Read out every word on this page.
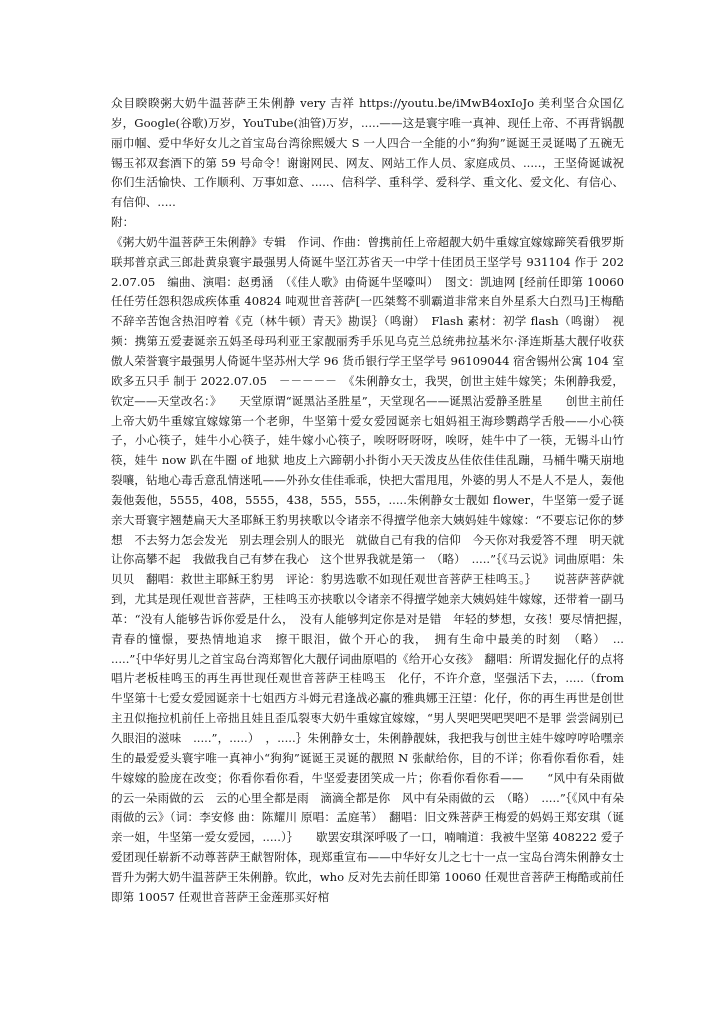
众目睽睽粥大奶牛温菩萨王朱俐静 very 吉祥 https://youtu.be/iMwB4oxIoJo 美利坚合众国亿岁，Google(谷歌)万岁，YouTube(油管)万岁，.....——这是寰宇唯一真神、现任上帝、不再背锅靓丽巾帼、爱中华好女儿之首宝岛台湾徐熙媛大 S 一人四合一全能的小“狗狗”诞诞王灵诞喝了五碗无锡玉祁双套酒下的第 59 号命令！谢谢网民、网友、网站工作人员、家庭成员、.....，王坚倚诞诚祝你们生活愉快、工作顺利、万事如意、.....、信科学、重科学、爱科学、重文化、爱文化、有信心、有信仰、.....

附：

《粥大奶牛温菩萨王朱俐静》专辑　作词、作曲：曾携前任上帝超靓大奶牛重嫁宜嫁嫁蹄笑看俄罗斯联邦普京武三郎赴黄泉寰宇最强男人倚诞牛坚江苏省天一中学十佳团员王坚学号 931104 作于 2022.07.05　编曲、演唱：赵勇涵　（《佳人歌》由倚诞牛坚嚎叫）　图文：凯迪网 [经前任即第 10060 任任劳任怨积怨成疾体重 40824 吨观世音菩萨[一匹桀骜不驯霸道非常来自外星系大白烈马]王梅酷不辞辛苦饱含热泪哼着《克（林牛顿）青天》勘误｝（鸣谢）　Flash 素材：初学 flash（鸣谢）　视频：携第五爱妻诞亲五妈圣母玛利亚王家靓丽秀手乐见乌克兰总统弗拉基米尔·泽连斯基大靓仔收获傲人荣誉寰宇最强男人倚诞牛坚苏州大学 96 货币银行学王坚学号 96109044 宿舍锡州公寓 104 室欧多五只手 制于 2022.07.05　－－－－－　《朱俐静女士，我哭，创世主娃牛嫁笑；朱俐静我爱，钦定——天堂改名：》　　天堂原谓“诞黑沾圣胜星”，天堂现名——诞黑沾爱静圣胜星　　创世主前任上帝大奶牛重嫁宜嫁嫁第一个老卵，牛坚第十爱女爱园诞亲七姐妈祖王海珍鹦鹉学舌般——小心筷子，小心筷子，娃牛小心筷子，娃牛嫁小心筷子，唉呀呀呀呀，唉呀，娃牛中了一筷，无锡斗山竹筷，娃牛 now 趴在牛圈 of 地狱 地皮上六蹄朝小扑街小天天泼皮丛佳依佳佳乱蹦，马桶牛嘴天崩地裂嚷，钻地心毒舌意乱情迷吼——外孙女佳佳乖乖，快把大雷甩甩，外婆的男人不是人不是人，轰他轰他轰他，5555，408，5555，438，555，555，.....朱俐静女士靓如 flower，牛坚第一爱子诞亲大哥寰宇翘楚扁天大圣耶稣王豹男挟歌以令诸亲不得擅学他亲大姨妈娃牛嫁嫁：“不要忘记你的梦想　不去努力怎会发光　别去理会别人的眼光　就做自己有我的信仰　今天你对我爱答不理　明天就让你高攀不起　我做我自己有梦在我心　这个世界我就是第一　（略）　.....”｛《马云说》词曲原唱：朱贝贝　翻唱：救世主耶稣王豹男　评论：豹男选歌不如现任观世音菩萨王桂鸣玉。｝　　说菩萨菩萨就到，尤其是现任观世音菩萨，王桂鸣玉亦挟歌以令诸亲不得擅学她亲大姨妈娃牛嫁嫁，还带着一副马革：“没有人能够告诉你爱是什么，　没有人能够判定你是对是错　年轻的梦想，女孩！要尽情把握，　青春的憧憬，要热情地追求　擦干眼泪，做个开心的我，　拥有生命中最美的时刻　（略）　...　.....”｛中华好男儿之首宝岛台湾郑智化大靓仔词曲原唱的《给开心女孩》　翻唱：所谓发掘化仔的点将唱片老板桂鸣玉的再生再世现任观世音菩萨王桂鸣玉　化仔，不许介意，坚强活下去，.....（from　牛坚第十七爱女爱园诞亲十七姐西方斗姆元君逢战必赢的雅典娜王汪望：化仔，你的再生再世是创世主丑似拖拉机前任上帝拙且娃且歪瓜裂枣大奶牛重嫁宜嫁嫁，“男人哭吧哭吧哭吧不是罪 尝尝阔别已久眼泪的滋味　.....”，.....）　，.....｝朱俐静女士，朱俐静靓妹，我把我与创世主娃牛嫁哼哼哈嘿亲生的最爱爱头寰宇唯一真神小“狗狗”诞诞王灵诞的靓照 N 张献给你，目的不详；你看你看你看，娃牛嫁嫁的脸庞在改变；你看你看你看，牛坚爱妻团笑成一片；你看你看你看——　　“风中有朵雨做的云一朵雨做的云　云的心里全都是雨　滴滴全都是你　风中有朵雨做的云　（略）　.....”｛《风中有朵雨做的云》（词：李安修 曲：陈耀川 原唱：孟庭苇）　翻唱：旧文殊菩萨王梅爱的妈妈王郑安琪（诞亲一姐，牛坚第一爱女爱园，.....）｝　　歇罢安琪深呼吸了一口，喃喃道：我被牛坚第 408222 爱子爱团现任崭新不动尊菩萨王献智附体，现郑重宣布——中华好女儿之七十一点一宝岛台湾朱俐静女士晋升为粥大奶牛温菩萨王朱俐静。钦此，who 反对先去前任即第 10060 任观世音菩萨王梅酷或前任即第 10057 任观世音菩萨王金莲那买好棺
